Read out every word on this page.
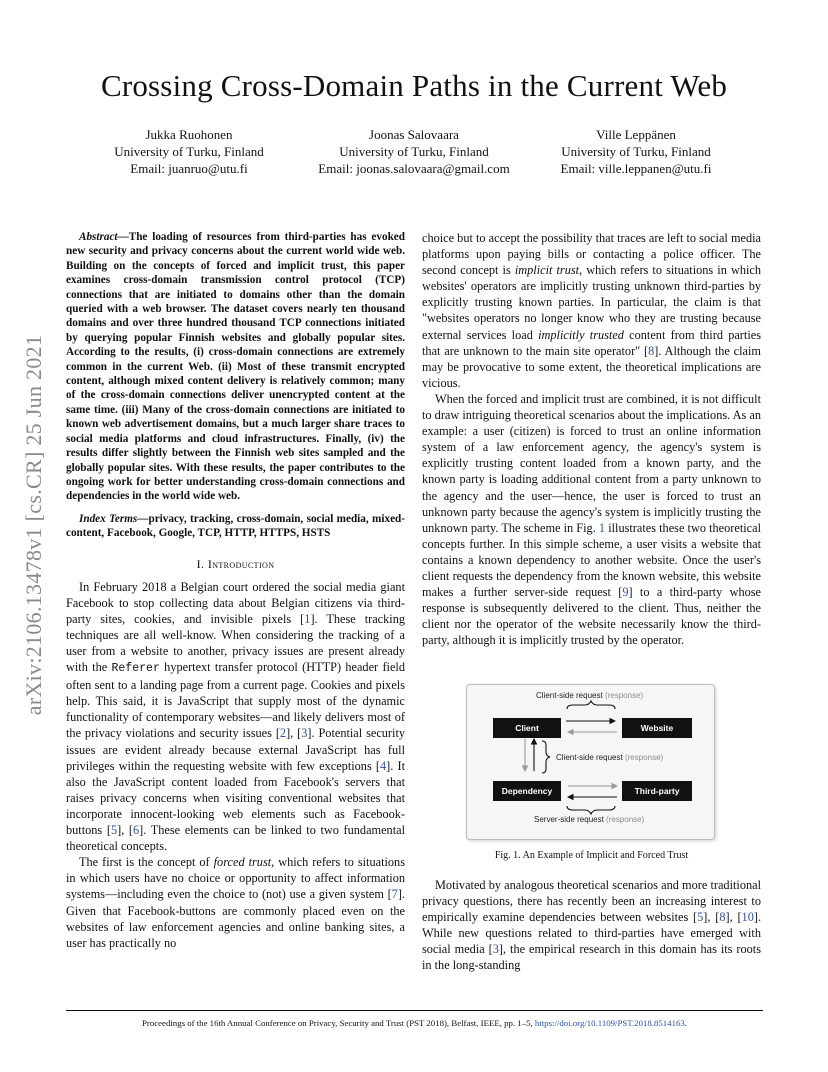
arXiv:2106.13478v1 [cs.CR] 25 Jun 2021
Crossing Cross-Domain Paths in the Current Web
Jukka Ruohonen
University of Turku, Finland
Email: juanruo@utu.fi
Joonas Salovaara
University of Turku, Finland
Email: joonas.salovaara@gmail.com
Ville Leppänen
University of Turku, Finland
Email: ville.leppanen@utu.fi

Abstract—The loading of resources from third-parties has evoked new security and privacy concerns about the current world wide web. Building on the concepts of forced and implicit trust, this paper examines cross-domain transmission control protocol (TCP) connections that are initiated to domains other than the domain queried with a web browser. The dataset covers nearly ten thousand domains and over three hundred thousand TCP connections initiated by querying popular Finnish websites and globally popular sites. According to the results, (i) cross-domain connections are extremely common in the current Web. (ii) Most of these transmit encrypted content, although mixed content delivery is relatively common; many of the cross-domain connections deliver unencrypted content at the same time. (iii) Many of the cross-domain connections are initiated to known web advertisement domains, but a much larger share traces to social media platforms and cloud infrastructures. Finally, (iv) the results differ slightly between the Finnish web sites sampled and the globally popular sites. With these results, the paper contributes to the ongoing work for better understanding cross-domain connections and dependencies in the world wide web.

Index Terms—privacy, tracking, cross-domain, social media, mixed-content, Facebook, Google, TCP, HTTP, HTTPS, HSTS

I. Introduction

In February 2018 a Belgian court ordered the social media giant Facebook to stop collecting data about Belgian citizens via third-party sites, cookies, and invisible pixels [1]. These tracking techniques are all well-know. When considering the tracking of a user from a website to another, privacy issues are present already with the Referer hypertext transfer protocol (HTTP) header field often sent to a landing page from a current page. Cookies and pixels help. This said, it is JavaScript that supply most of the dynamic functionality of contemporary websites—and likely delivers most of the privacy violations and security issues [2], [3]. Potential security issues are evident already because external JavaScript has full privileges within the requesting website with few exceptions [4]. It also the JavaScript content loaded from Facebook's servers that raises privacy concerns when visiting conventional websites that incorporate innocent-looking web elements such as Facebook-buttons [5], [6]. These elements can be linked to two fundamental theoretical concepts.

The first is the concept of forced trust, which refers to situations in which users have no choice or opportunity to affect information systems—including even the choice to (not) use a given system [7]. Given that Facebook-buttons are commonly placed even on the websites of law enforcement agencies and online banking sites, a user has practically no

choice but to accept the possibility that traces are left to social media platforms upon paying bills or contacting a police officer. The second concept is implicit trust, which refers to situations in which websites' operators are implicitly trusting unknown third-parties by explicitly trusting known parties. In particular, the claim is that "websites operators no longer know who they are trusting because external services load implicitly trusted content from third parties that are unknown to the main site operator" [8]. Although the claim may be provocative to some extent, the theoretical implications are vicious.

When the forced and implicit trust are combined, it is not difficult to draw intriguing theoretical scenarios about the implications. As an example: a user (citizen) is forced to trust an online information system of a law enforcement agency, the agency's system is explicitly trusting content loaded from a known party, and the known party is loading additional content from a party unknown to the agency and the user—hence, the user is forced to trust an unknown party because the agency's system is implicitly trusting the unknown party. The scheme in Fig. 1 illustrates these two theoretical concepts further. In this simple scheme, a user visits a website that contains a known dependency to another website. Once the user's client requests the dependency from the known website, this website makes a further server-side request [9] to a third-party whose response is subsequently delivered to the client. Thus, neither the client nor the operator of the website necessarily know the third-party, although it is implicitly trusted by the operator.

Client-side request (response)
Client	Website
Client-side request (response)
Dependency	Third-party
Server-side request (response)
Fig. 1. An Example of Implicit and Forced Trust

Motivated by analogous theoretical scenarios and more traditional privacy questions, there has recently been an increasing interest to empirically examine dependencies between websites [5], [8], [10]. While new questions related to third-parties have emerged with social media [3], the empirical research in this domain has its roots in the long-standing

Proceedings of the 16th Annual Conference on Privacy, Security and Trust (PST 2018), Belfast, IEEE, pp. 1–5, https://doi.org/10.1109/PST.2018.8514163.
